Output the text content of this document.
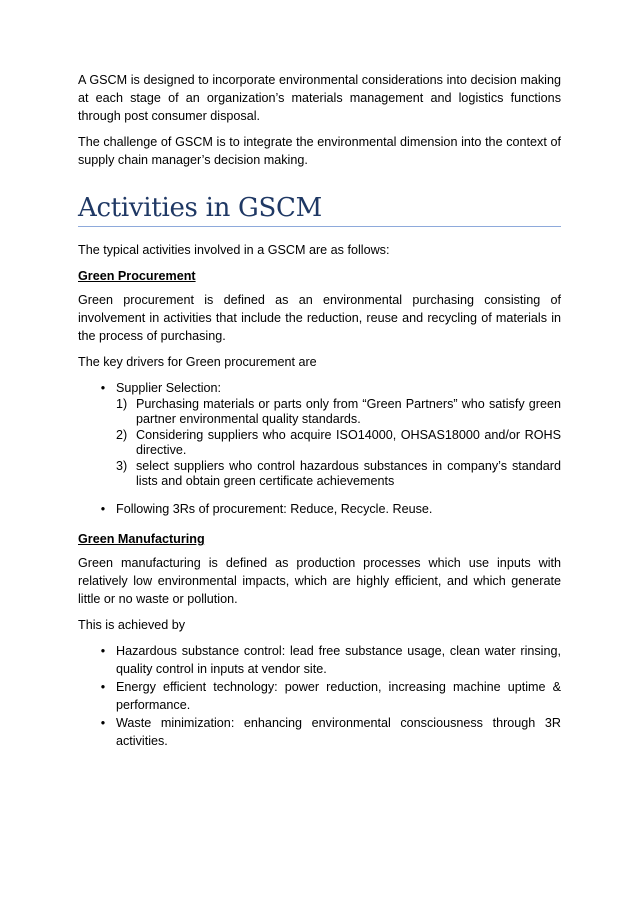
A GSCM is designed to incorporate environmental considerations into decision making at each stage of an organization’s materials management and logistics functions through post consumer disposal.

The challenge of GSCM is to integrate the environmental dimension into the context of supply chain manager’s decision making.

Activities in GSCM

The typical activities involved in a GSCM are as follows:

Green Procurement

Green procurement is defined as an environmental purchasing consisting of involvement in activities that include the reduction, reuse and recycling of materials in the process of purchasing.

The key drivers for Green procurement are

• Supplier Selection:
1) Purchasing materials or parts only from “Green Partners” who satisfy green partner environmental quality standards.
2) Considering suppliers who acquire ISO14000, OHSAS18000 and/or ROHS directive.
3) select suppliers who control hazardous substances in company’s standard lists and obtain green certificate achievements
• Following 3Rs of procurement: Reduce, Recycle. Reuse.
Green Manufacturing

Green manufacturing is defined as production processes which use inputs with relatively low environmental impacts, which are highly efficient, and which generate little or no waste or pollution.

This is achieved by

• Hazardous substance control: lead free substance usage, clean water rinsing, quality control in inputs at vendor site.
• Energy efficient technology: power reduction, increasing machine uptime & performance.
• Waste minimization: enhancing environmental consciousness through 3R activities.
